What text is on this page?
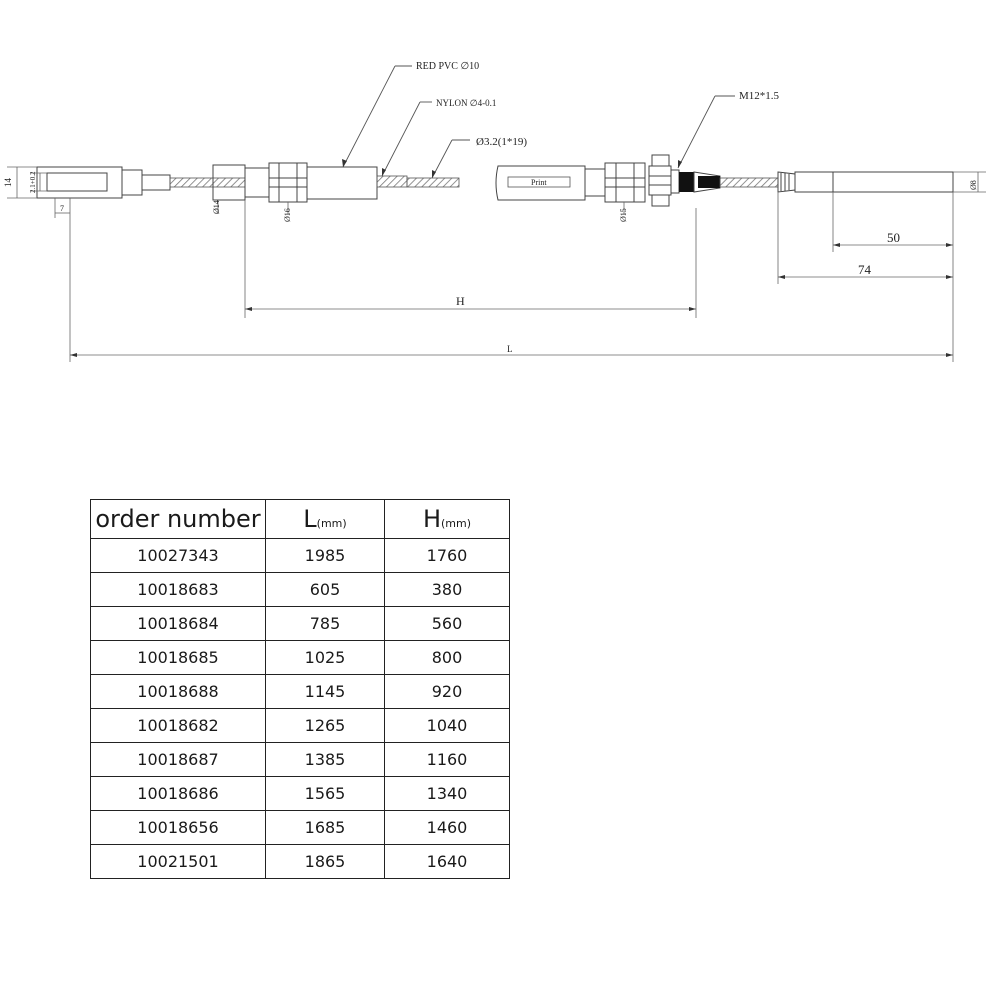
RED PVC ∅10
NYLON ∅4-0.1
Ø3.2(1*19)
M12*1.5
Print
14 2.1+0.2
7	Ø14
Ø16	Ø15
Ø8
50
74
H
L
order number	L(mm)	H(mm)
10027343	1985	1760
10018683	605	380
10018684	785	560
10018685	1025	800
10018688	1145	920
10018682	1265	1040
10018687	1385	1160
10018686	1565	1340
10018656	1685	1460
10021501	1865	1640
